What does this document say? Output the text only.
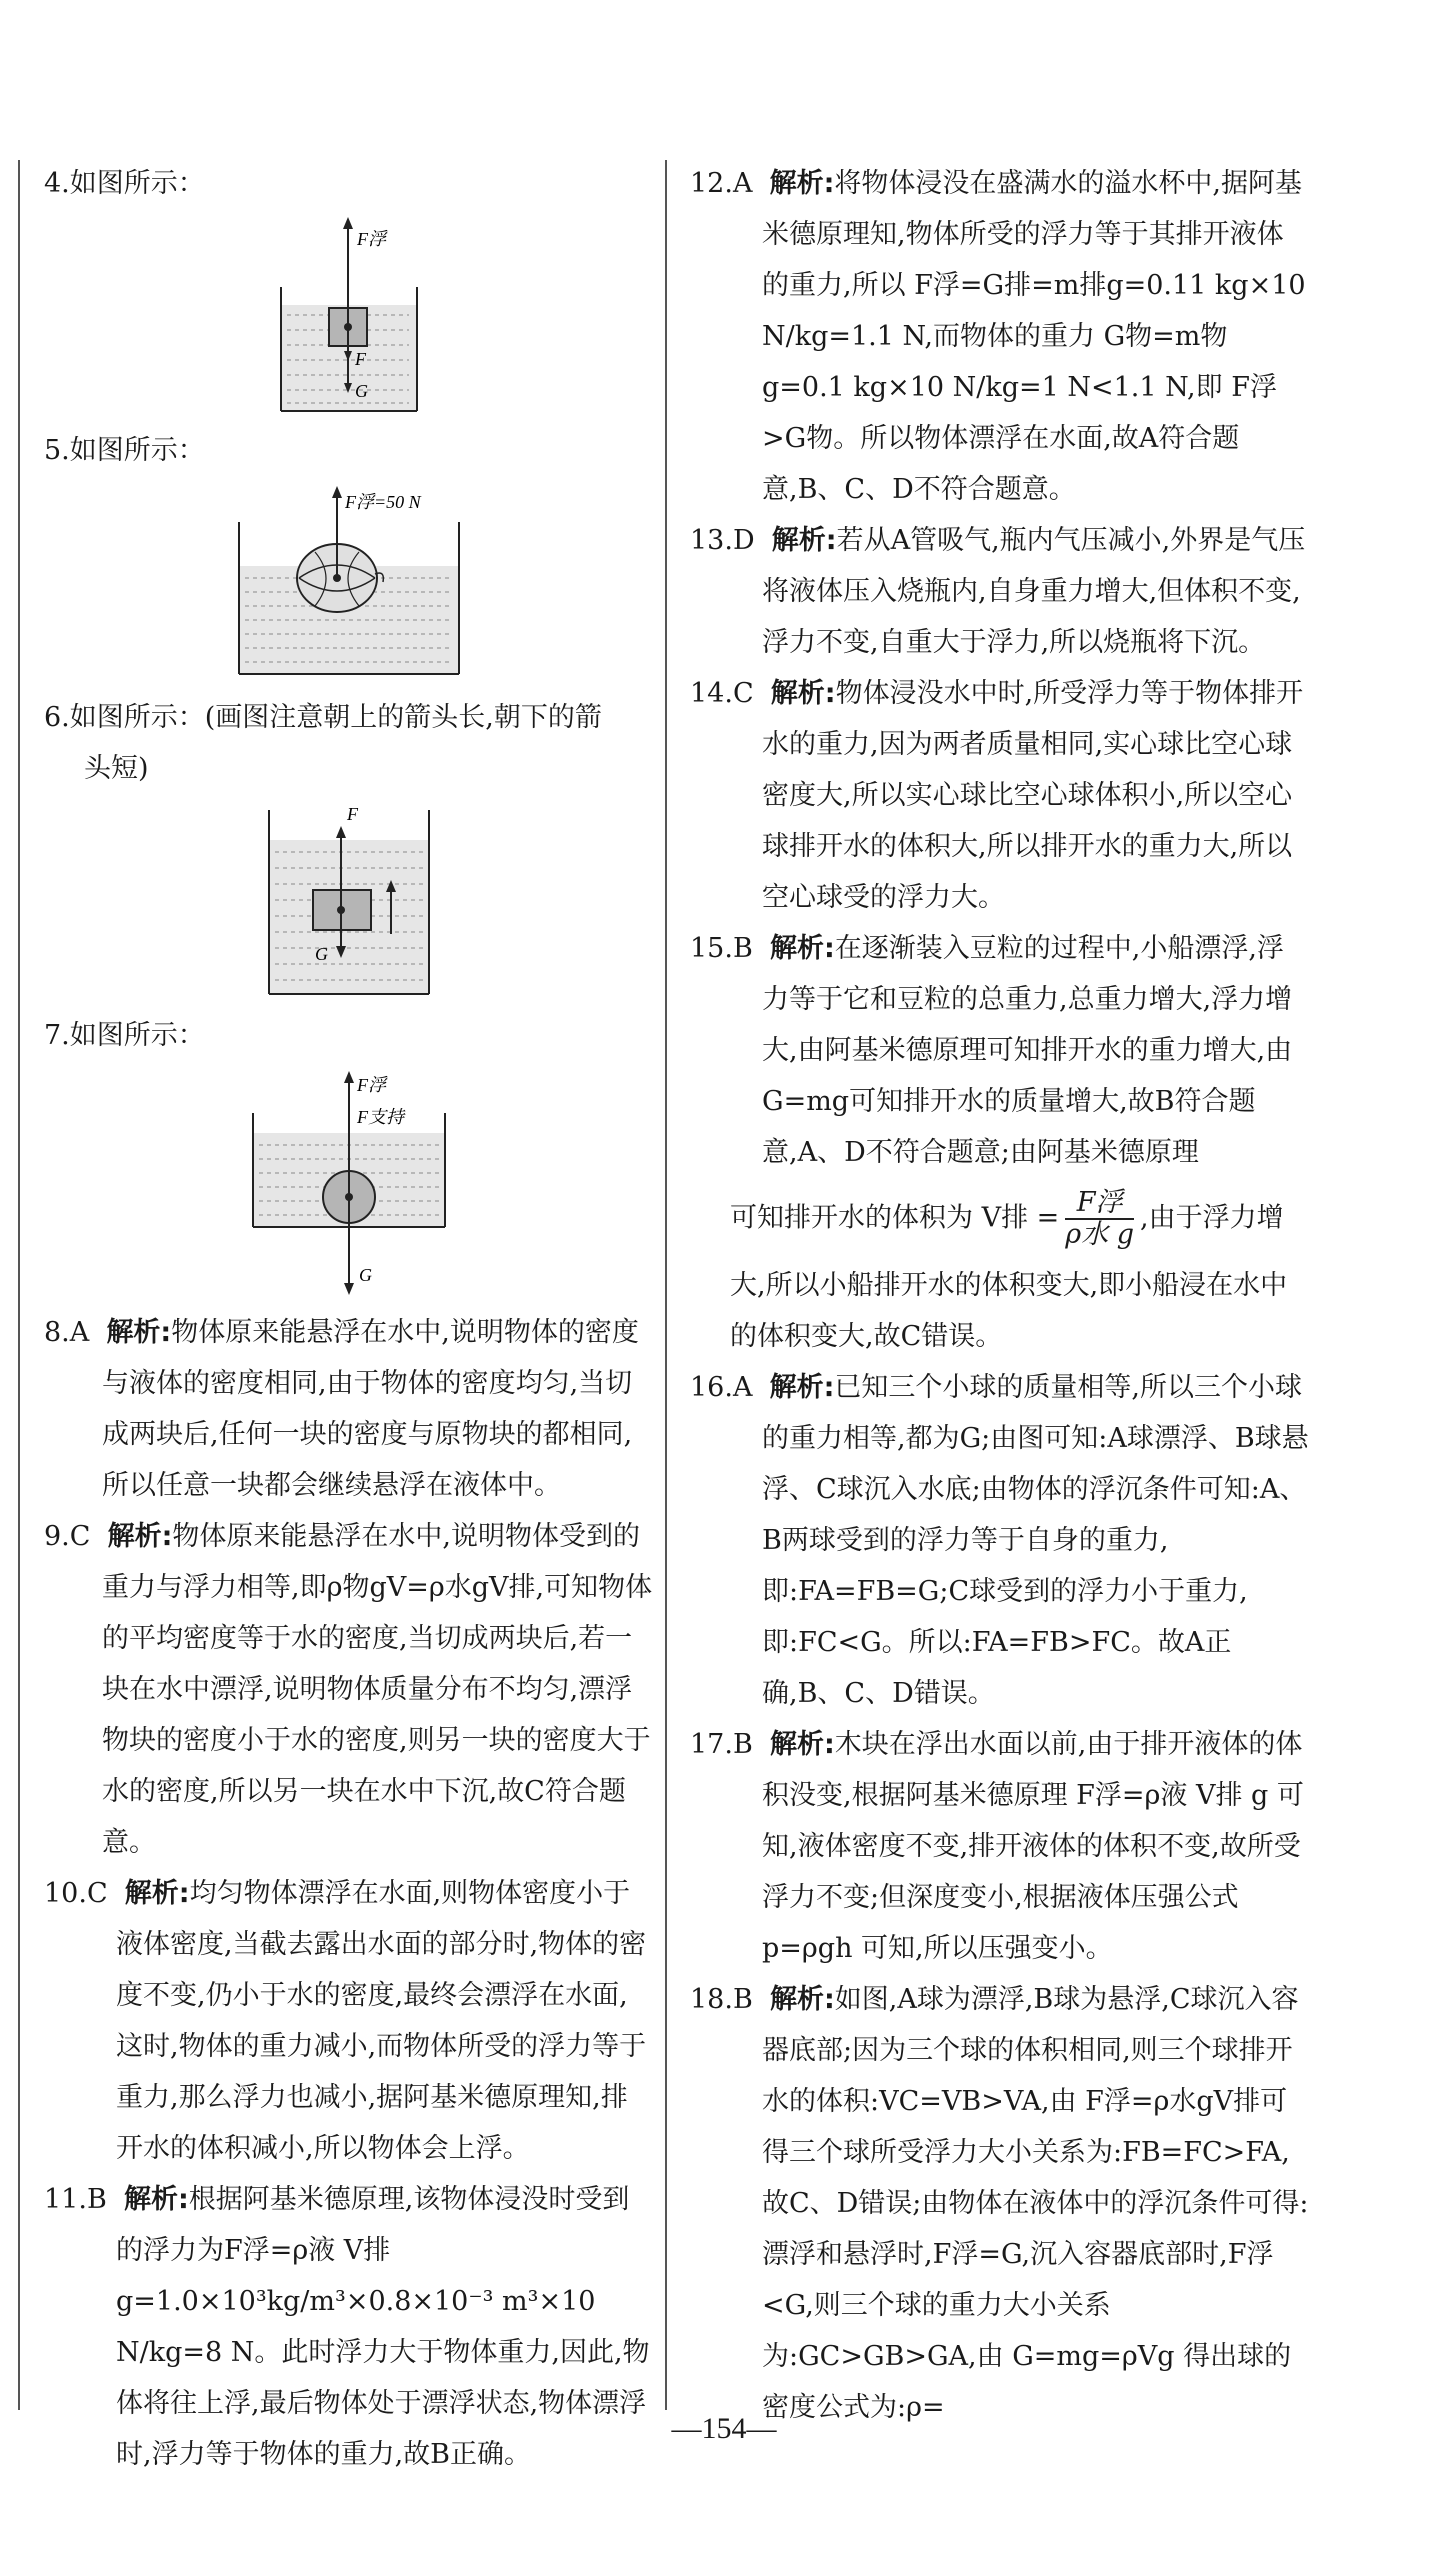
4.如图所示：

F浮
F
G

5.如图所示：

F浮=50 N

6.如图所示：(画图注意朝上的箭头长,朝下的箭

头短)

F
G

7.如图所示：

F浮
F支持
G

8.A 解析:物体原来能悬浮在水中,说明物体的密度与液体的密度相同,由于物体的密度均匀,当切成两块后,任何一块的密度与原物块的都相同,所以任意一块都会继续悬浮在液体中。

9.C 解析:物体原来能悬浮在水中,说明物体受到的重力与浮力相等,即ρ物gV=ρ水gV排,可知物体的平均密度等于水的密度,当切成两块后,若一块在水中漂浮,说明物体质量分布不均匀,漂浮物块的密度小于水的密度,则另一块的密度大于水的密度,所以另一块在水中下沉,故C符合题意。

10.C 解析:均匀物体漂浮在水面,则物体密度小于液体密度,当截去露出水面的部分时,物体的密度不变,仍小于水的密度,最终会漂浮在水面,这时,物体的重力减小,而物体所受的浮力等于重力,那么浮力也减小,据阿基米德原理知,排开水的体积减小,所以物体会上浮。

11.B 解析:根据阿基米德原理,该物体浸没时受到的浮力为F浮=ρ液 V排 g=1.0×10³kg/m³×0.8×10⁻³ m³×10 N/kg=8 N。此时浮力大于物体重力,因此,物体将往上浮,最后物体处于漂浮状态,物体漂浮时,浮力等于物体的重力,故B正确。

12.A 解析:将物体浸没在盛满水的溢水杯中,据阿基米德原理知,物体所受的浮力等于其排开液体的重力,所以 F浮=G排=m排g=0.11 kg×10 N/kg=1.1 N,而物体的重力 G物=m物g=0.1 kg×10 N/kg=1 N<1.1 N,即 F浮>G物。所以物体漂浮在水面,故A符合题意,B、C、D不符合题意。

13.D 解析:若从A管吸气,瓶内气压减小,外界是气压将液体压入烧瓶内,自身重力增大,但体积不变,浮力不变,自重大于浮力,所以烧瓶将下沉。

14.C 解析:物体浸没水中时,所受浮力等于物体排开水的重力,因为两者质量相同,实心球比空心球密度大,所以实心球比空心球体积小,所以空心球排开水的体积大,所以排开水的重力大,所以空心球受的浮力大。

15.B 解析:在逐渐装入豆粒的过程中,小船漂浮,浮力等于它和豆粒的总重力,总重力增大,浮力增大,由阿基米德原理可知排开水的重力增大,由G=mg可知排开水的质量增大,故B符合题意,A、D不符合题意;由阿基米德原理

可知排开水的体积为 V排 = $\frac{\text{F浮}}{\text{ρ水 g}}$ ,由于浮力增

大,所以小船排开水的体积变大,即小船浸在水中的体积变大,故C错误。

16.A 解析:已知三个小球的质量相等,所以三个小球的重力相等,都为G;由图可知:A球漂浮、B球悬浮、C球沉入水底;由物体的浮沉条件可知:A、B两球受到的浮力等于自身的重力,即:FA=FB=G;C球受到的浮力小于重力,即:FC<G。所以:FA=FB>FC。故A正确,B、C、D错误。

17.B 解析:木块在浮出水面以前,由于排开液体的体积没变,根据阿基米德原理 F浮=ρ液 V排 g 可知,液体密度不变,排开液体的体积不变,故所受浮力不变;但深度变小,根据液体压强公式 p=ρgh 可知,所以压强变小。

18.B 解析:如图,A球为漂浮,B球为悬浮,C球沉入容器底部;因为三个球的体积相同,则三个球排开水的体积:VC=VB>VA,由 F浮=ρ水gV排可得三个球所受浮力大小关系为:FB=FC>FA,故C、D错误;由物体在液体中的浮沉条件可得:漂浮和悬浮时,F浮=G,沉入容器底部时,F浮<G,则三个球的重力大小关系为:GC>GB>GA,由 G=mg=ρVg 得出球的密度公式为:ρ=

—154—
